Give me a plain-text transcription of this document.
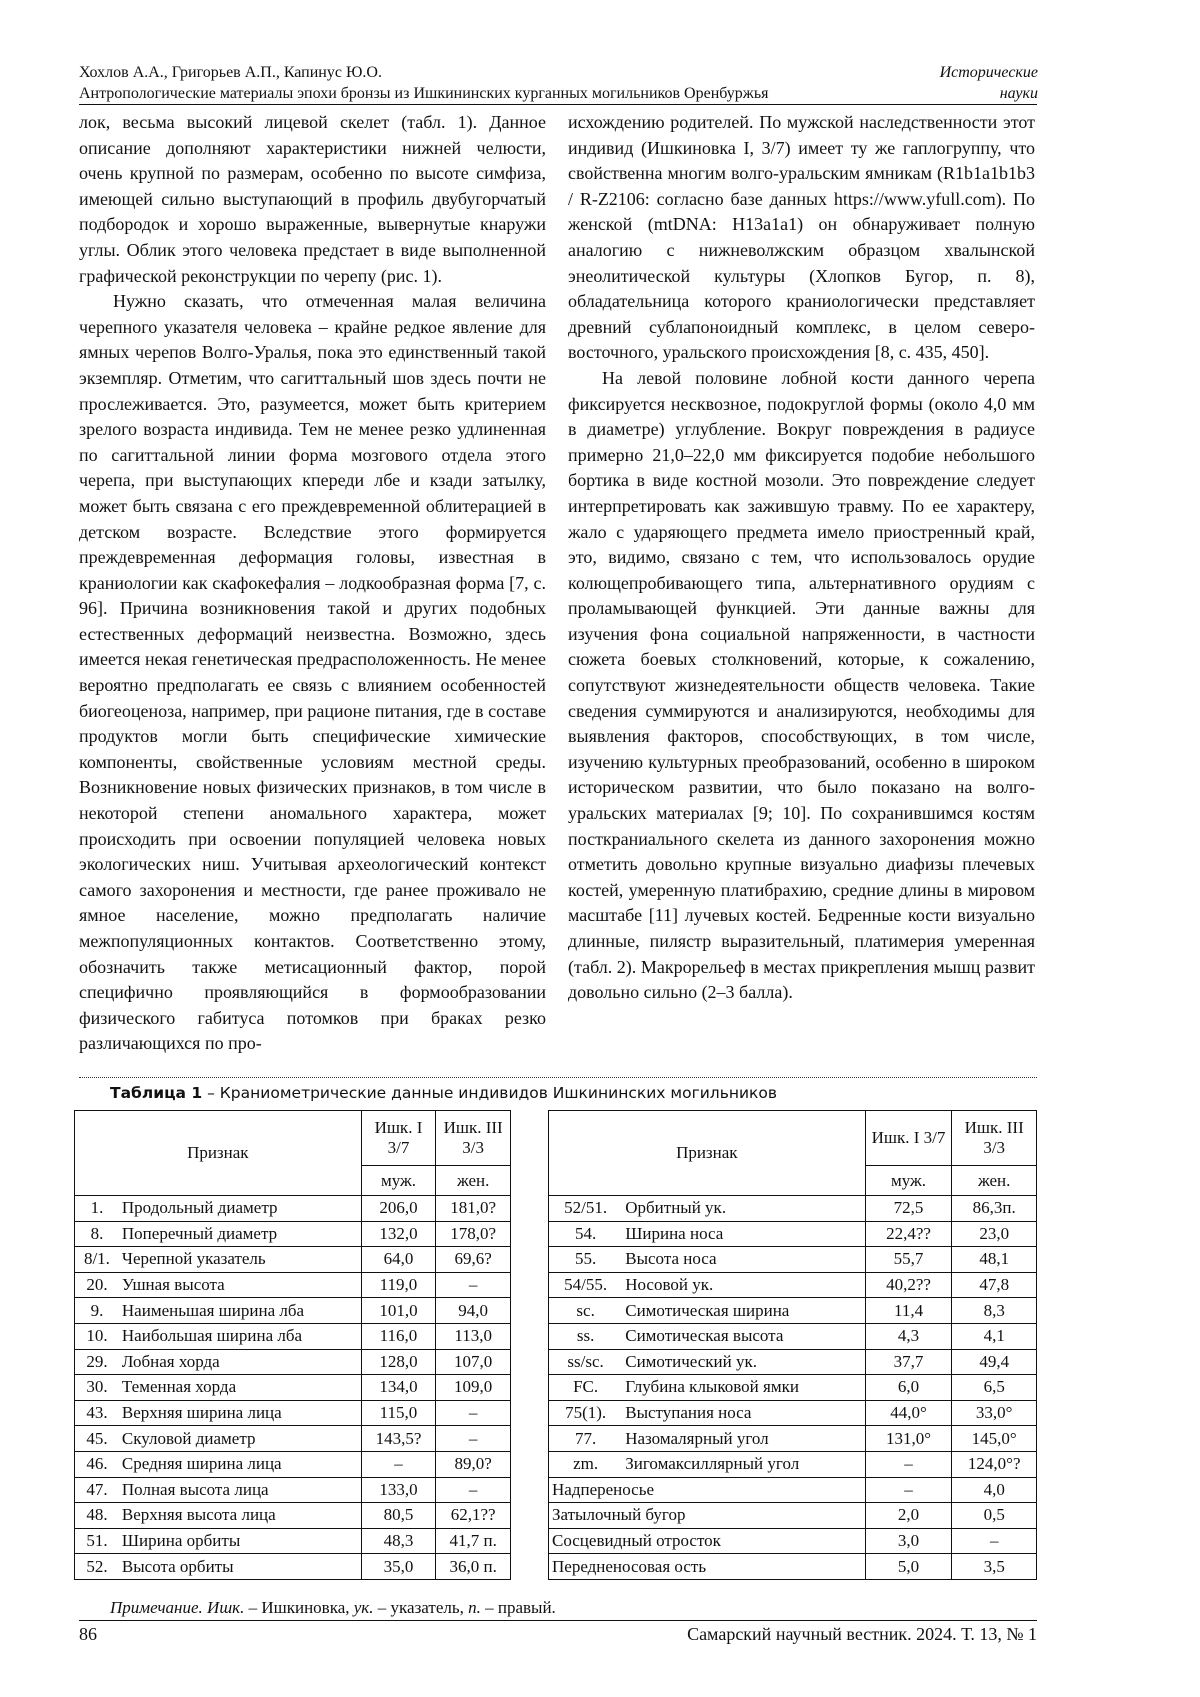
Хохлов А.А., Григорьев А.П., Капинус Ю.О.
Антропологические материалы эпохи бронзы из Ишкининских курганных могильников Оренбуржья
Исторические
науки

лок, весьма высокий лицевой скелет (табл. 1). Данное описание дополняют характеристики нижней челюсти, очень крупной по размерам, особенно по высоте симфиза, имеющей сильно выступающий в профиль двубугорчатый подбородок и хорошо выраженные, вывернутые кнаружи углы. Облик этого человека предстает в виде выполненной графической реконструкции по черепу (рис. 1).

Нужно сказать, что отмеченная малая величина черепного указателя человека – крайне редкое явление для ямных черепов Волго-Уралья, пока это единственный такой экземпляр. Отметим, что сагиттальный шов здесь почти не прослеживается. Это, разумеется, может быть критерием зрелого возраста индивида. Тем не менее резко удлиненная по сагиттальной линии форма мозгового отдела этого черепа, при выступающих кпереди лбе и кзади затылку, может быть связана с его преждевременной облитерацией в детском возрасте. Вследствие этого формируется преждевременная деформация головы, известная в краниологии как скафокефалия – лодкообразная форма [7, с. 96]. Причина возникновения такой и других подобных естественных деформаций неизвестна. Возможно, здесь имеется некая генетическая предрасположенность. Не менее вероятно предполагать ее связь с влиянием особенностей биогеоценоза, например, при рационе питания, где в составе продуктов могли быть специфические химические компоненты, свойственные условиям местной среды. Возникновение новых физических признаков, в том числе в некоторой степени аномального характера, может происходить при освоении популяцией человека новых экологических ниш. Учитывая археологический контекст самого захоронения и местности, где ранее проживало не ямное население, можно предполагать наличие межпопуляционных контактов. Соответственно этому, обозначить также метисационный фактор, порой специфично проявляющийся в формообразовании физического габитуса потомков при браках резко различающихся по про-

исхождению родителей. По мужской наследственности этот индивид (Ишкиновка I, 3/7) имеет ту же гаплогруппу, что свойственна многим волго-уральским ямникам (R1b1a1b1b3 / R-Z2106: согласно базе данных https://www.yfull.com). По женской (mtDNA: H13a1a1) он обнаруживает полную аналогию с нижневолжским образцом хвалынской энеолитической культуры (Хлопков Бугор, п. 8), обладательница которого краниологически представляет древний сублапоноидный комплекс, в целом северо-восточного, уральского происхождения [8, с. 435, 450].

На левой половине лобной кости данного черепа фиксируется несквозное, подокруглой формы (около 4,0 мм в диаметре) углубление. Вокруг повреждения в радиусе примерно 21,0–22,0 мм фиксируется подобие небольшого бортика в виде костной мозоли. Это повреждение следует интерпретировать как зажившую травму. По ее характеру, жало с ударяющего предмета имело приостренный край, это, видимо, связано с тем, что использовалось орудие колющепробивающего типа, альтернативного орудиям с проламывающей функцией. Эти данные важны для изучения фона социальной напряженности, в частности сюжета боевых столкновений, которые, к сожалению, сопутствуют жизнедеятельности обществ человека. Такие сведения суммируются и анализируются, необходимы для выявления факторов, способствующих, в том числе, изучению культурных преобразований, особенно в широком историческом развитии, что было показано на волго-уральских материалах [9; 10]. По сохранившимся костям посткраниального скелета из данного захоронения можно отметить довольно крупные визуально диафизы плечевых костей, умеренную платибрахию, средние длины в мировом масштабе [11] лучевых костей. Бедренные кости визуально длинные, пилястр выразительный, платимерия умеренная (табл. 2). Макрорельеф в местах прикрепления мышц развит довольно сильно (2–3 балла).

Таблица 1 – Краниометрические данные индивидов Ишкининских могильников
Признак		Ишк. I 3/7	Ишк. III 3/3
		муж.	жен.
1.	Продольный диаметр	206,0	181,0?
8.	Поперечный диаметр	132,0	178,0?
8/1.	Черепной указатель	64,0	69,6?
20.	Ушная высота	119,0	–
9.	Наименьшая ширина лба	101,0	94,0
10.	Наибольшая ширина лба	116,0	113,0
29.	Лобная хорда	128,0	107,0
30.	Теменная хорда	134,0	109,0
43.	Верхняя ширина лица	115,0	–
45.	Скуловой диаметр	143,5?	–
46.	Средняя ширина лица	–	89,0?
47.	Полная высота лица	133,0	–
48.	Верхняя высота лица	80,5	62,1??
51.	Ширина орбиты	48,3	41,7 п.
52.	Высота орбиты	35,0	36,0 п.
Признак		Ишк. I 3/7	Ишк. III 3/3
		муж.	жен.
52/51.	Орбитный ук.	72,5	86,3п.
54.	Ширина носа	22,4??	23,0
55.	Высота носа	55,7	48,1
54/55.	Носовой ук.	40,2??	47,8
sc.	Симотическая ширина	11,4	8,3
ss.	Симотическая высота	4,3	4,1
ss/sc.	Симотический ук.	37,7	49,4
FC.	Глубина клыковой ямки	6,0	6,5
75(1).	Выступания носа	44,0°	33,0°
77.	Назомалярный угол	131,0°	145,0°
zm.	Зигомаксиллярный угол	–	124,0°?
Надпереносье		–	4,0
Затылочный бугор		2,0	0,5
Сосцевидный отросток		3,0	–
Передненосовая ость		5,0	3,5
Примечание. Ишк. – Ишкиновка, ук. – указатель, п. – правый.
86	Самарский научный вестник. 2024. Т. 13, № 1
